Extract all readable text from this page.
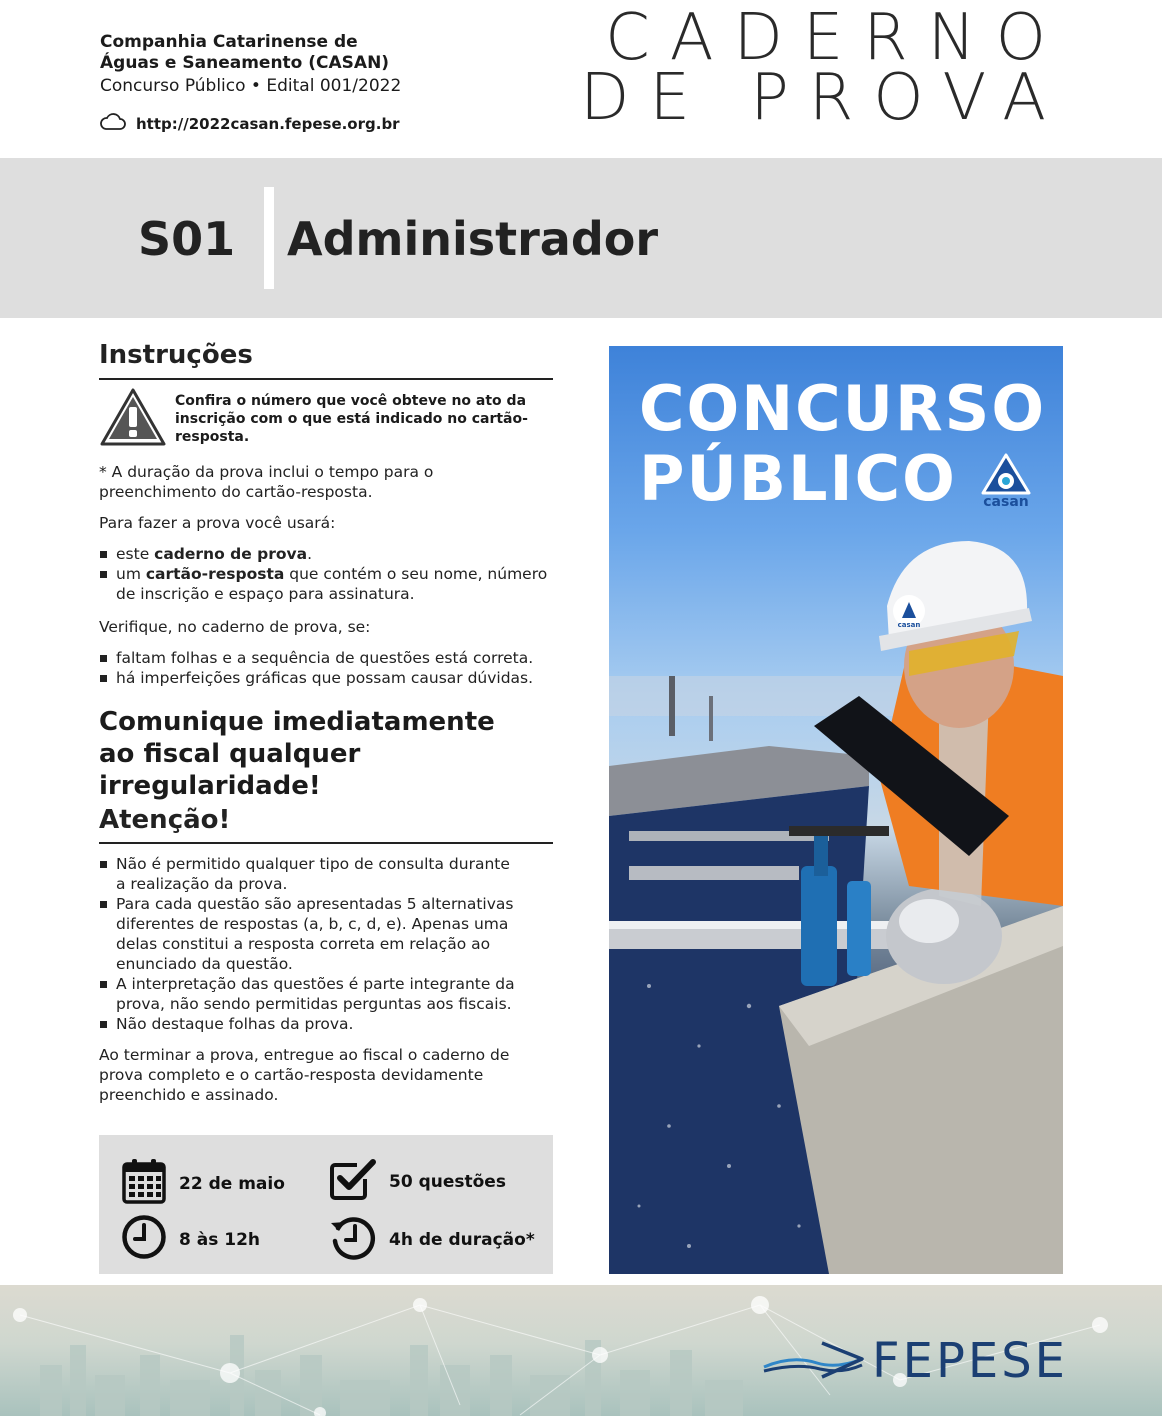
Companhia Catarinense de
Águas e Saneamento (CASAN)
Concurso Público • Edital 001/2022
http://2022casan.fepese.org.br
CADERNO
DE PROVA
S01 Administrador
Instruções
Confira o número que você obteve no ato da inscrição com o que está indicado no cartão-resposta.
* A duração da prova inclui o tempo para o preenchimento do cartão-resposta.
Para fazer a prova você usará:
este caderno de prova.
um cartão-resposta que contém o seu nome, número de inscrição e espaço para assinatura.
Verifique, no caderno de prova, se:
faltam folhas e a sequência de questões está correta.
há imperfeições gráficas que possam causar dúvidas.
Comunique imediatamente ao fiscal qualquer irregularidade!
Atenção!
Não é permitido qualquer tipo de consulta durante a realização da prova.
Para cada questão são apresentadas 5 alternativas diferentes de respostas (a, b, c, d, e). Apenas uma delas constitui a resposta correta em relação ao enunciado da questão.
A interpretação das questões é parte integrante da prova, não sendo permitidas perguntas aos fiscais.
Não destaque folhas da prova.
Ao terminar a prova, entregue ao fiscal o caderno de prova completo e o cartão-resposta devidamente preenchido e assinado.
22 de maio	50 questões
8 às 12h	4h de duração*
casan
CONCURSO
PÚBLICO	casan
FEPESE
